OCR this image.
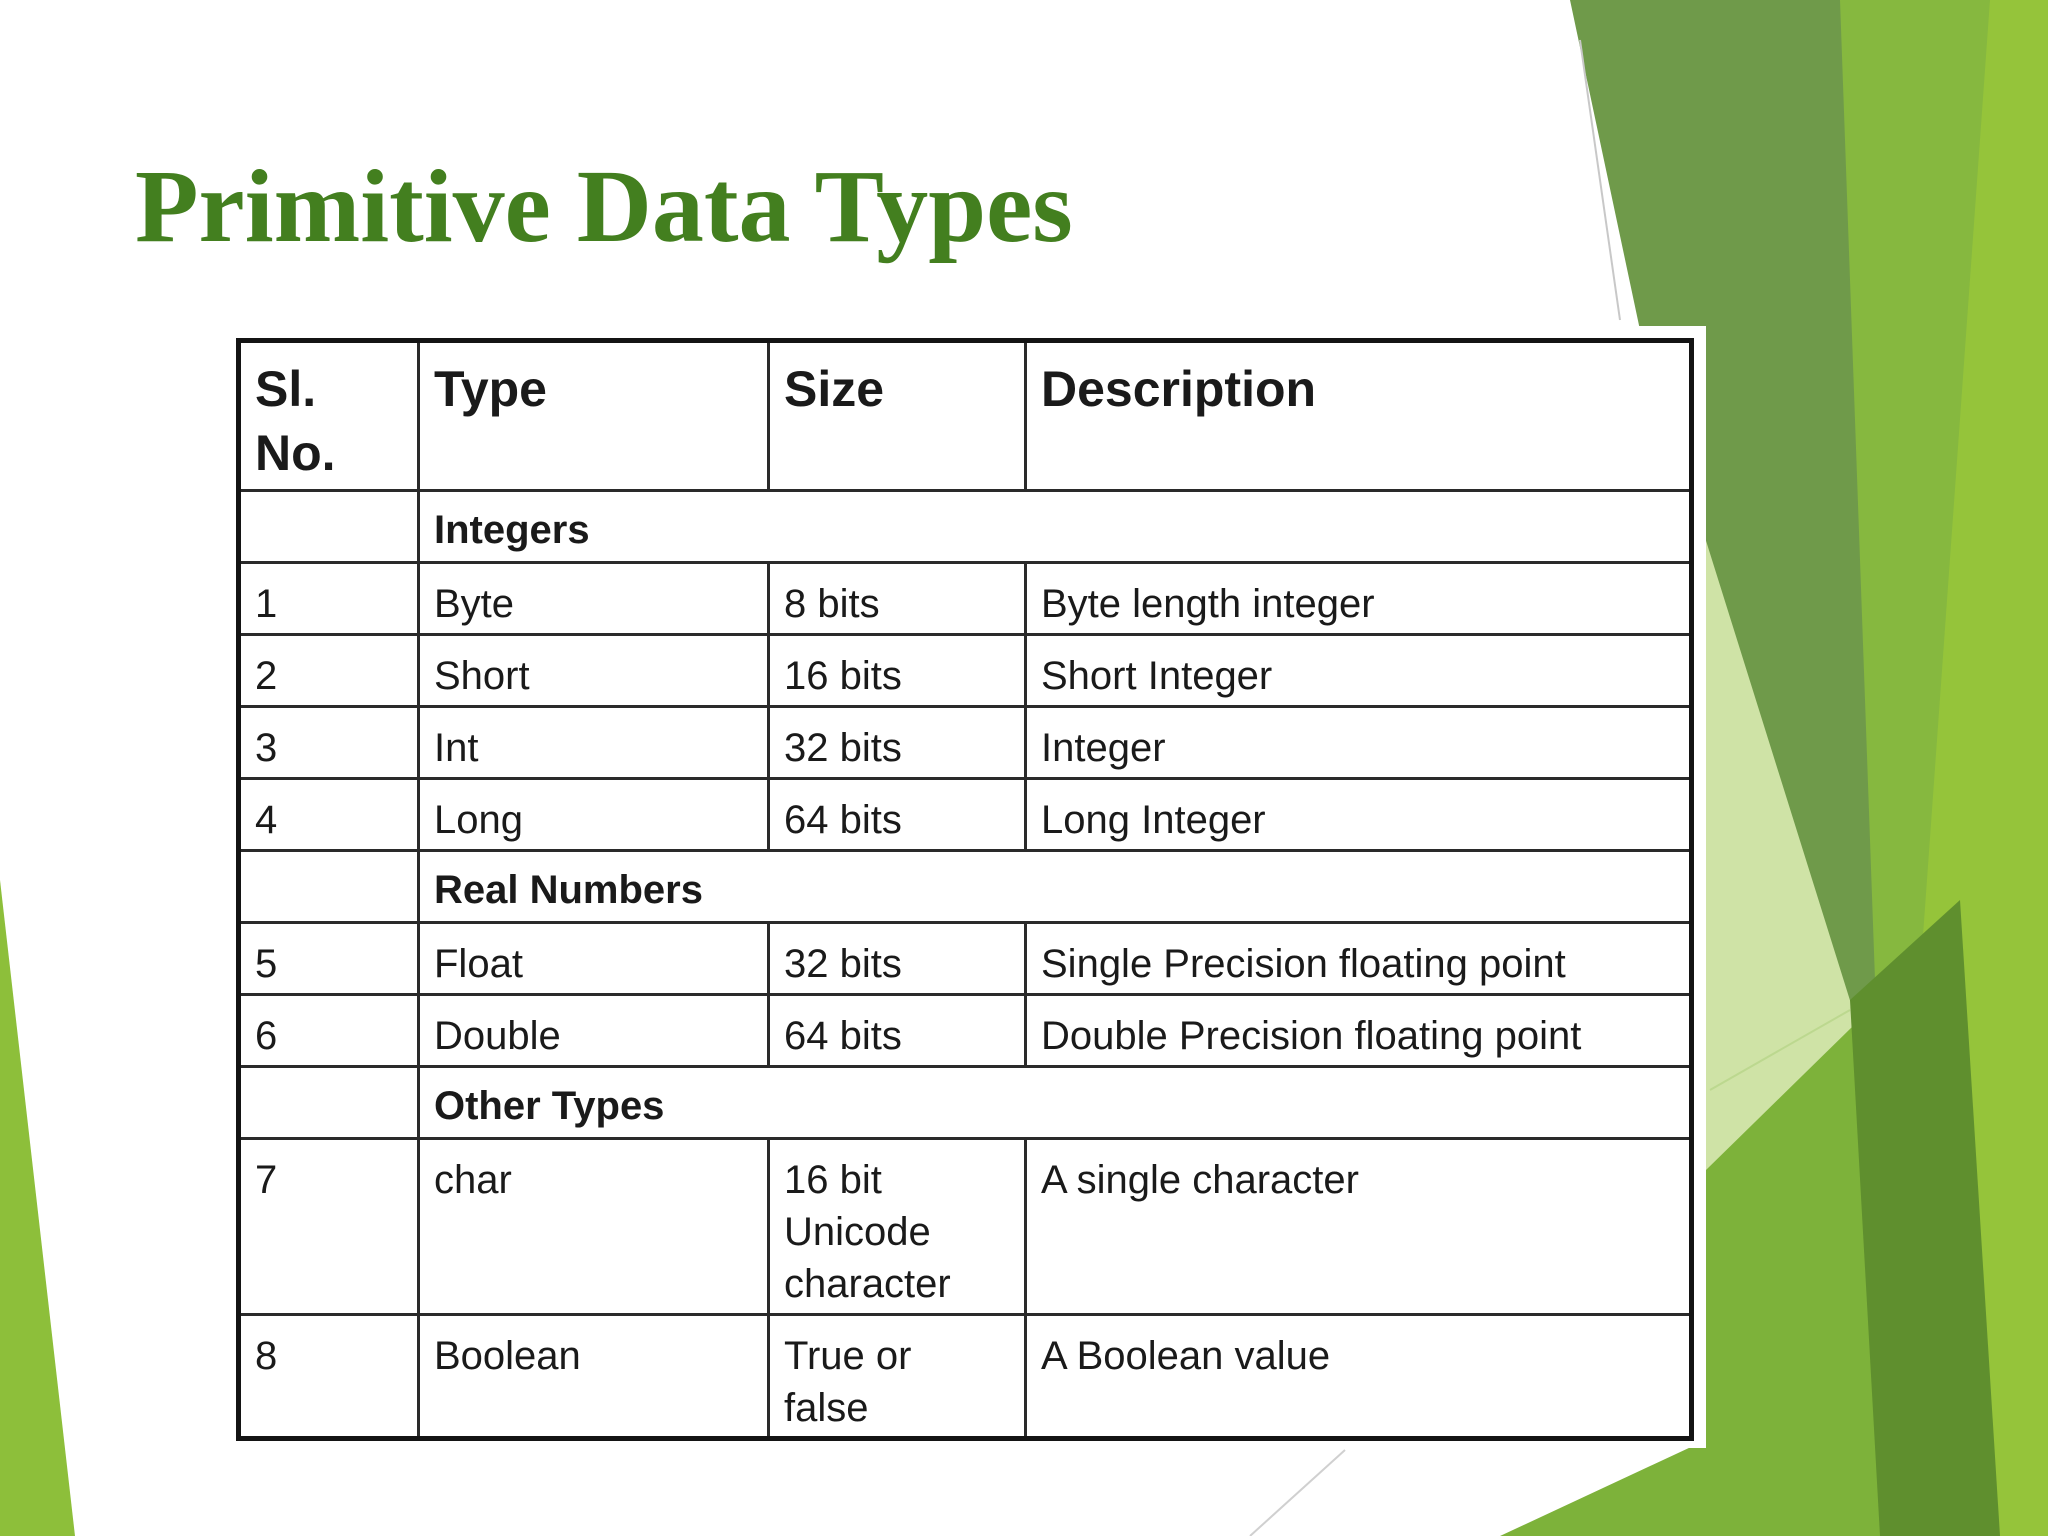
Primitive Data Types
Sl. No.	Type	Size	Description
	Integers		
1	Byte	8 bits	Byte length integer
2	Short	16 bits	Short Integer
3	Int	32 bits	Integer
4	Long	64 bits	Long Integer
	Real Numbers		
5	Float	32 bits	Single Precision floating point
6	Double	64 bits	Double Precision floating point
	Other Types		
7	char	16 bit Unicode character	A single character
8	Boolean	True or false	A Boolean value
